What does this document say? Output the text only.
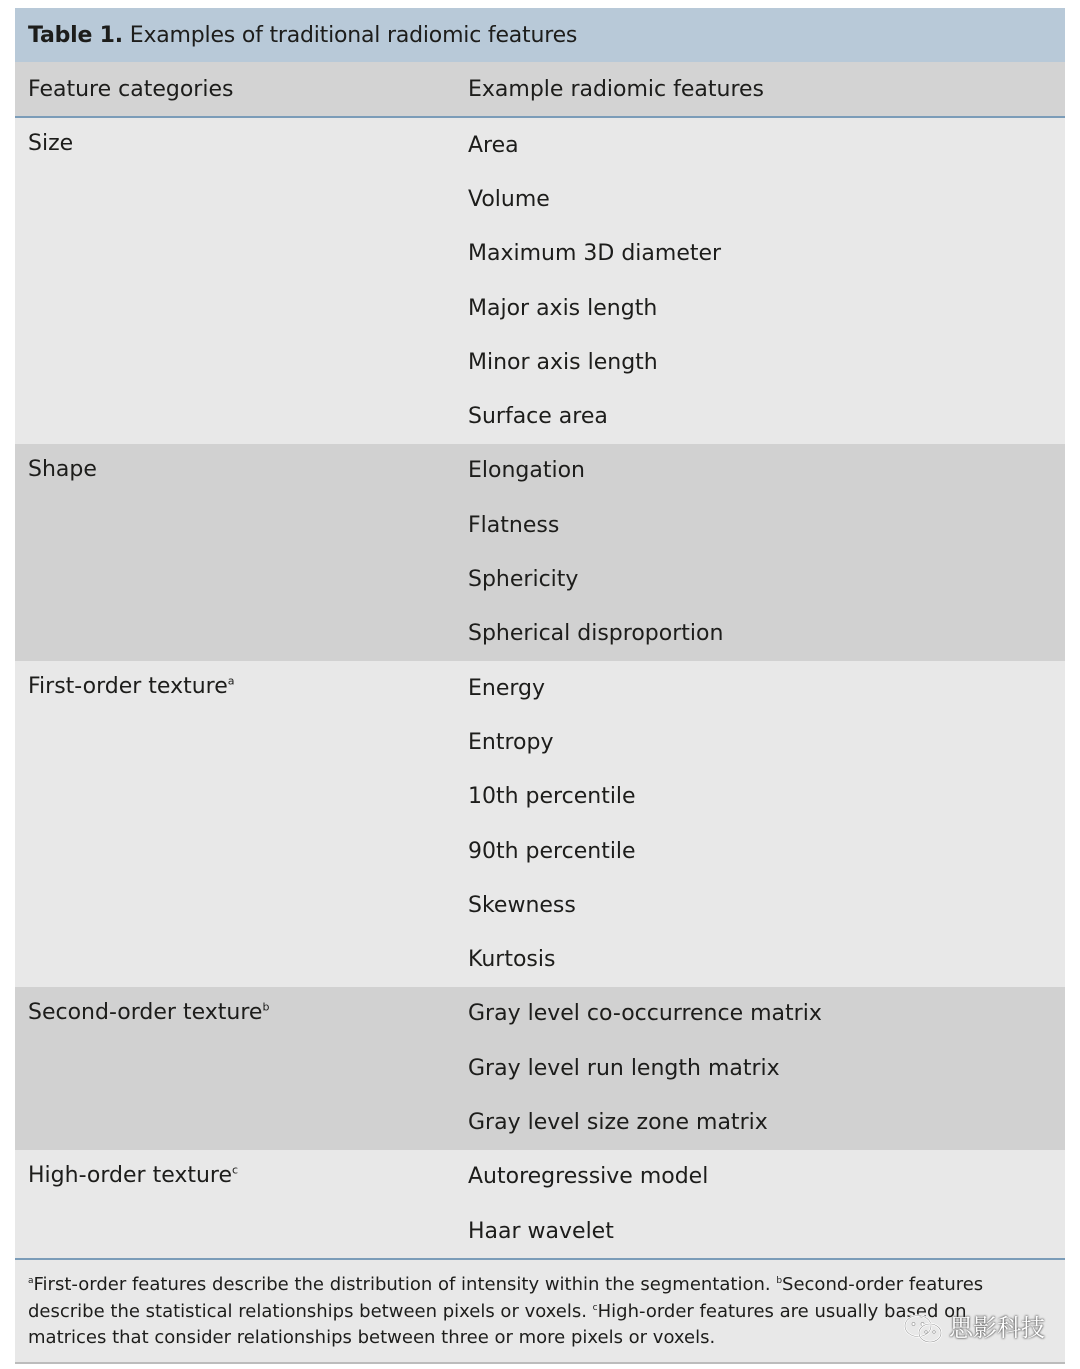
Table 1. Examples of traditional radiomic features
Feature categories	Example radiomic features
Size	Area
Volume
Maximum 3D diameter
Major axis length
Minor axis length
Surface area
Shape	Elongation
Flatness
Sphericity
Spherical disproportion
First-order texture$^a$	Energy
Entropy
10th percentile
90th percentile
Skewness
Kurtosis
Second-order texture$^b$	Gray level co-occurrence matrix
Gray level run length matrix
Gray level size zone matrix
High-order texture$^c$	Autoregressive model
Haar wavelet
$^a$First-order features describe the distribution of intensity within the segmentation. $^b$Second-order features describe the statistical relationships between pixels or voxels. $^c$High-order features are usually based on matrices that consider relationships between three or more pixels or voxels.	思影科技
